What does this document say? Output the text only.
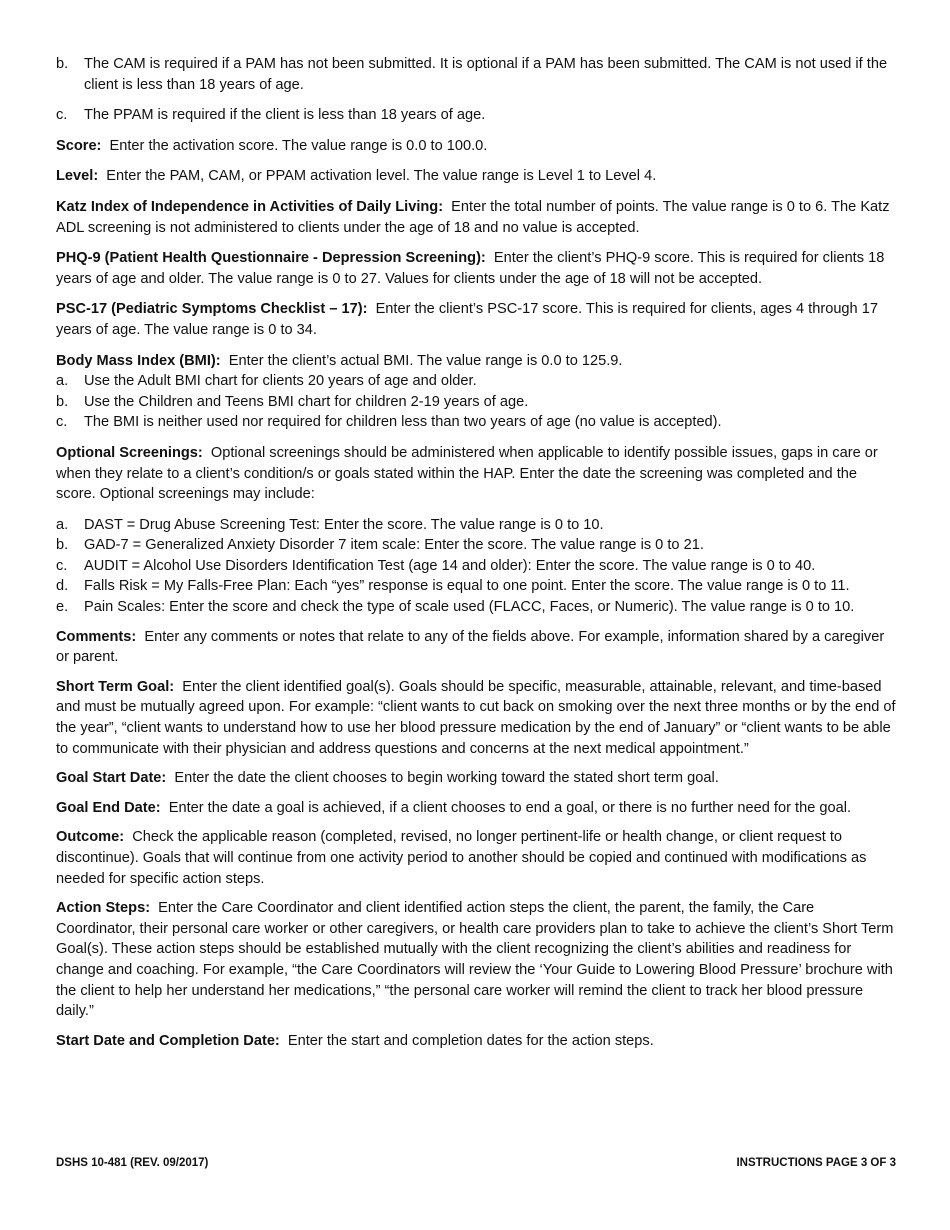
b.	The CAM is required if a PAM has not been submitted. It is optional if a PAM has been submitted. The CAM is not used if the client is less than 18 years of age.
c.	The PPAM is required if the client is less than 18 years of age.

Score: Enter the activation score. The value range is 0.0 to 100.0.

Level: Enter the PAM, CAM, or PPAM activation level. The value range is Level 1 to Level 4.

Katz Index of Independence in Activities of Daily Living: Enter the total number of points. The value range is 0 to 6. The Katz ADL screening is not administered to clients under the age of 18 and no value is accepted.

PHQ-9 (Patient Health Questionnaire - Depression Screening): Enter the client’s PHQ-9 score. This is required for clients 18 years of age and older. The value range is 0 to 27. Values for clients under the age of 18 will not be accepted.

PSC-17 (Pediatric Symptoms Checklist – 17): Enter the client’s PSC-17 score. This is required for clients, ages 4 through 17 years of age. The value range is 0 to 34.

Body Mass Index (BMI): Enter the client’s actual BMI. The value range is 0.0 to 125.9.

a.	Use the Adult BMI chart for clients 20 years of age and older.
b.	Use the Children and Teens BMI chart for children 2-19 years of age.
c.	The BMI is neither used nor required for children less than two years of age (no value is accepted).

Optional Screenings: Optional screenings should be administered when applicable to identify possible issues, gaps in care or when they relate to a client’s condition/s or goals stated within the HAP. Enter the date the screening was completed and the score. Optional screenings may include:

a.	DAST = Drug Abuse Screening Test: Enter the score. The value range is 0 to 10.
b.	GAD-7 = Generalized Anxiety Disorder 7 item scale: Enter the score. The value range is 0 to 21.
c.	AUDIT = Alcohol Use Disorders Identification Test (age 14 and older): Enter the score. The value range is 0 to 40.
d.	Falls Risk = My Falls-Free Plan: Each “yes” response is equal to one point. Enter the score. The value range is 0 to 11.
e.	Pain Scales: Enter the score and check the type of scale used (FLACC, Faces, or Numeric). The value range is 0 to 10.

Comments: Enter any comments or notes that relate to any of the fields above. For example, information shared by a caregiver or parent.

Short Term Goal: Enter the client identified goal(s). Goals should be specific, measurable, attainable, relevant, and time-based and must be mutually agreed upon. For example: “client wants to cut back on smoking over the next three months or by the end of the year”, “client wants to understand how to use her blood pressure medication by the end of January” or “client wants to be able to communicate with their physician and address questions and concerns at the next medical appointment.”

Goal Start Date: Enter the date the client chooses to begin working toward the stated short term goal.

Goal End Date: Enter the date a goal is achieved, if a client chooses to end a goal, or there is no further need for the goal.

Outcome: Check the applicable reason (completed, revised, no longer pertinent-life or health change, or client request to discontinue). Goals that will continue from one activity period to another should be copied and continued with modifications as needed for specific action steps.

Action Steps: Enter the Care Coordinator and client identified action steps the client, the parent, the family, the Care Coordinator, their personal care worker or other caregivers, or health care providers plan to take to achieve the client’s Short Term Goal(s). These action steps should be established mutually with the client recognizing the client’s abilities and readiness for change and coaching. For example, “the Care Coordinators will review the ‘Your Guide to Lowering Blood Pressure’ brochure with the client to help her understand her medications,” “the personal care worker will remind the client to track her blood pressure daily.”

Start Date and Completion Date: Enter the start and completion dates for the action steps.

DSHS 10-481 (REV. 09/2017)	INSTRUCTIONS PAGE 3 OF 3
